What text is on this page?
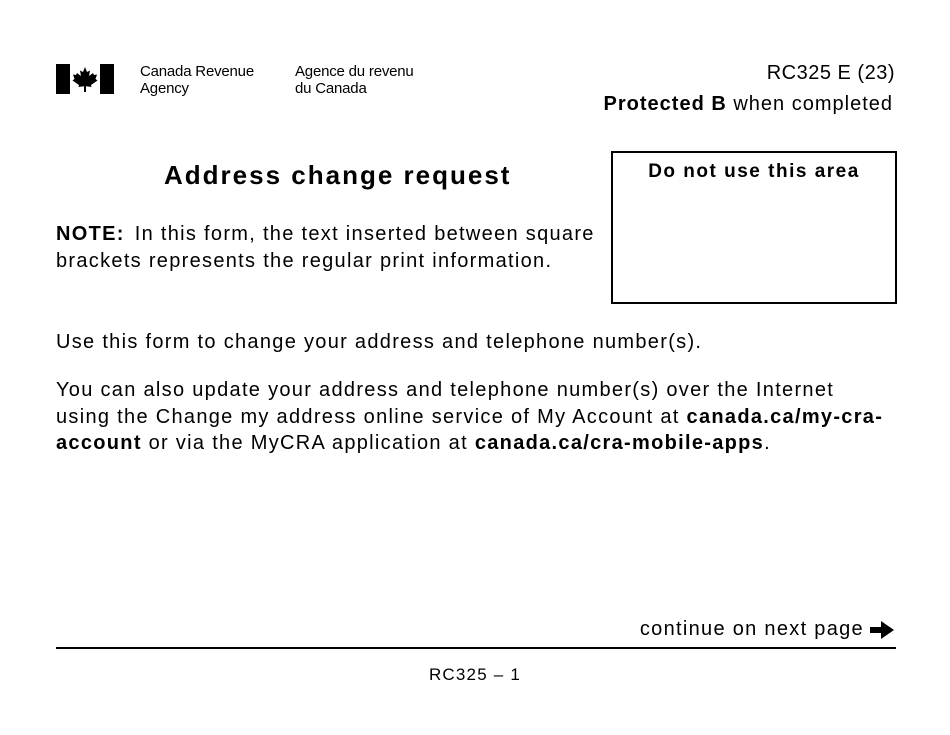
Canada Revenue
Agency
Agence du revenu
du Canada
RC325 E (23)
Protected B when completed
Address change request	Do not use this area
NOTE: In this form, the text inserted between square brackets represents the regular print information.
Use this form to change your address and telephone number(s).
You can also update your address and telephone number(s) over the Internet using the Change my address online service of My Account at canada.ca/my-cra-account or via the MyCRA application at canada.ca/cra-mobile-apps.
continue on next page
RC325 – 1
